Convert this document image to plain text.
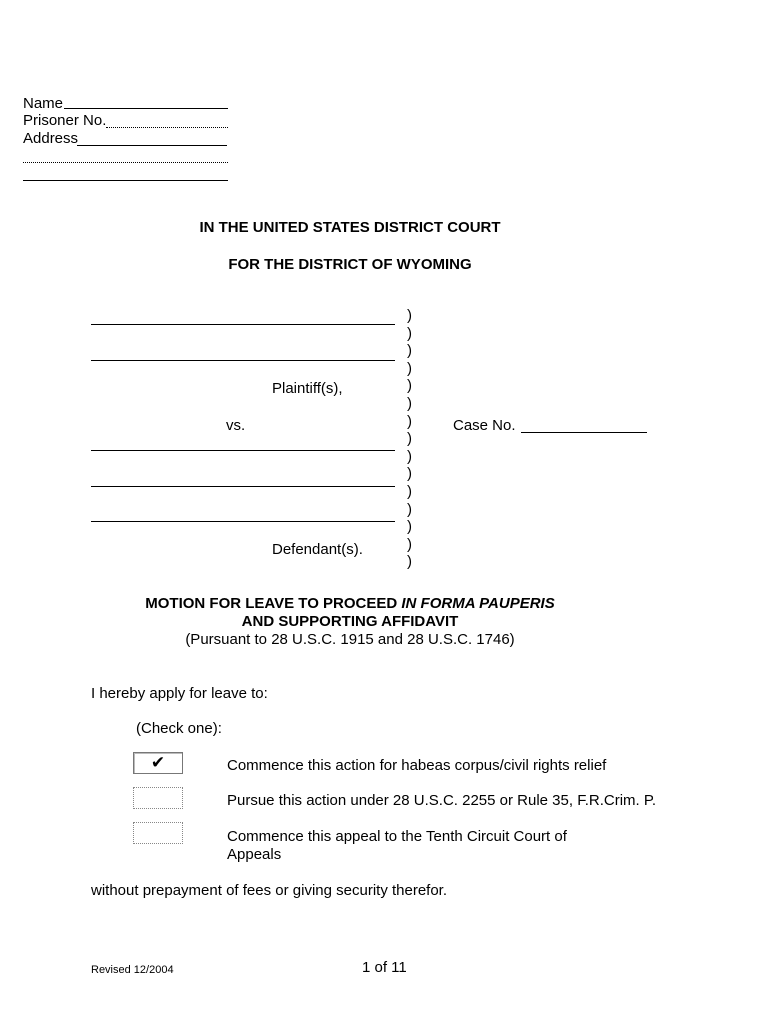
Name
Prisoner No.
Address
IN THE UNITED STATES DISTRICT COURT
FOR THE DISTRICT OF WYOMING
Plaintiff(s),
vs.
Defendant(s).
)
)
)
)
)
)
)
)
)
)
)
)
)
)
)
Case No.
MOTION FOR LEAVE TO PROCEED IN FORMA PAUPERIS
AND SUPPORTING AFFIDAVIT
(Pursuant to 28 U.S.C. 1915 and 28 U.S.C. 1746)
I hereby apply for leave to:
(Check one):
✔	Commence this action for habeas corpus/civil rights relief
Pursue this action under 28 U.S.C. 2255 or Rule 35, F.R.Crim. P.
Commence this appeal to the Tenth Circuit Court of
Appeals
without prepayment of fees or giving security therefor.
Revised 12/2004	1 of 11
